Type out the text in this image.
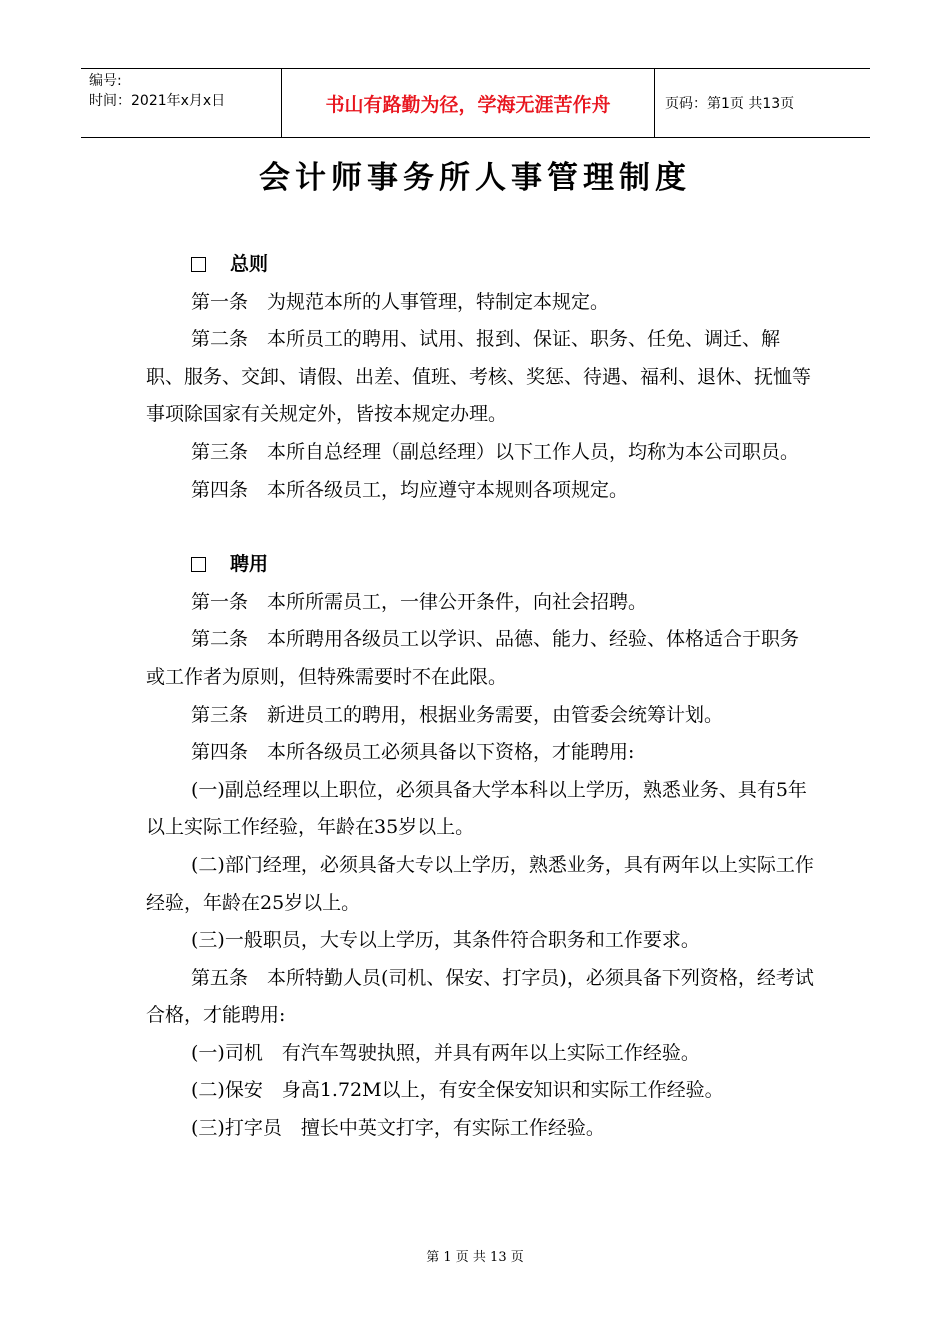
编号:
时间：2021年x月x日	书山有路勤为径，学海无涯苦作舟	页码：第1页 共13页
会计师事务所人事管理制度
总则

第一条　为规范本所的人事管理，特制定本规定。

第二条　本所员工的聘用、试用、报到、保证、职务、任免、调迁、解职、服务、交卸、请假、出差、值班、考核、奖惩、待遇、福利、退休、抚恤等事项除国家有关规定外，皆按本规定办理。

第三条　本所自总经理（副总经理）以下工作人员，均称为本公司职员。

第四条　本所各级员工，均应遵守本规则各项规定。

聘用

第一条　本所所需员工，一律公开条件，向社会招聘。

第二条　本所聘用各级员工以学识、品德、能力、经验、体格适合于职务或工作者为原则，但特殊需要时不在此限。

第三条　新进员工的聘用，根据业务需要，由管委会统筹计划。

第四条　本所各级员工必须具备以下资格，才能聘用:

(一)副总经理以上职位，必须具备大学本科以上学历，熟悉业务、具有5年以上实际工作经验，年龄在35岁以上。

(二)部门经理，必须具备大专以上学历，熟悉业务，具有两年以上实际工作经验，年龄在25岁以上。

(三)一般职员，大专以上学历，其条件符合职务和工作要求。

第五条　本所特勤人员(司机、保安、打字员)，必须具备下列资格，经考试合格，才能聘用:

(一)司机　有汽车驾驶执照，并具有两年以上实际工作经验。

(二)保安　身高1.72M以上，有安全保安知识和实际工作经验。

(三)打字员　擅长中英文打字，有实际工作经验。

第 1 页 共 13 页
